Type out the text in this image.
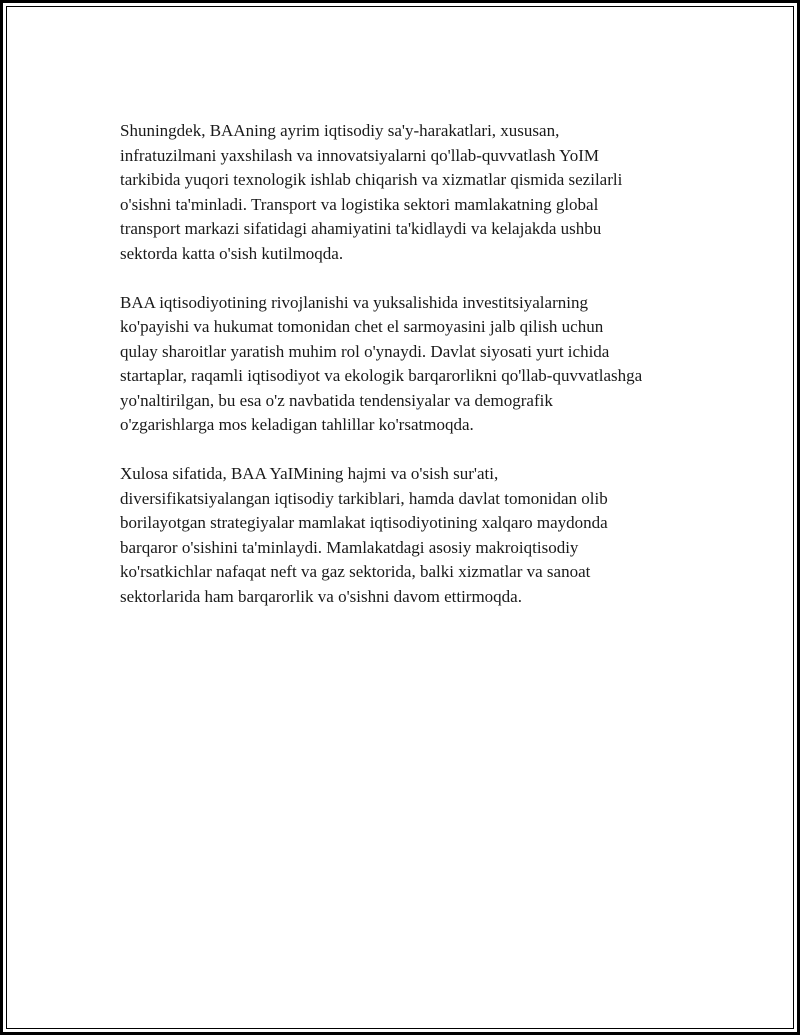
Shuningdek, BAAning ayrim iqtisodiy sa'y-harakatlari, xususan,
infratuzilmani yaxshilash va innovatsiyalarni qo'llab-quvvatlash YoIM
tarkibida yuqori texnologik ishlab chiqarish va xizmatlar qismida sezilarli
o'sishni ta'minladi. Transport va logistika sektori mamlakatning global
transport markazi sifatidagi ahamiyatini ta'kidlaydi va kelajakda ushbu
sektorda katta o'sish kutilmoqda.

BAA iqtisodiyotining rivojlanishi va yuksalishida investitsiyalarning
ko'payishi va hukumat tomonidan chet el sarmoyasini jalb qilish uchun
qulay sharoitlar yaratish muhim rol o'ynaydi. Davlat siyosati yurt ichida
startaplar, raqamli iqtisodiyot va ekologik barqarorlikni qo'llab-quvvatlashga
yo'naltirilgan, bu esa o'z navbatida tendensiyalar va demografik
o'zgarishlarga mos keladigan tahlillar ko'rsatmoqda.

Xulosa sifatida, BAA YaIMining hajmi va o'sish sur'ati,
diversifikatsiyalangan iqtisodiy tarkiblari, hamda davlat tomonidan olib
borilayotgan strategiyalar mamlakat iqtisodiyotining xalqaro maydonda
barqaror o'sishini ta'minlaydi. Mamlakatdagi asosiy makroiqtisodiy
ko'rsatkichlar nafaqat neft va gaz sektorida, balki xizmatlar va sanoat
sektorlarida ham barqarorlik va o'sishni davom ettirmoqda.
